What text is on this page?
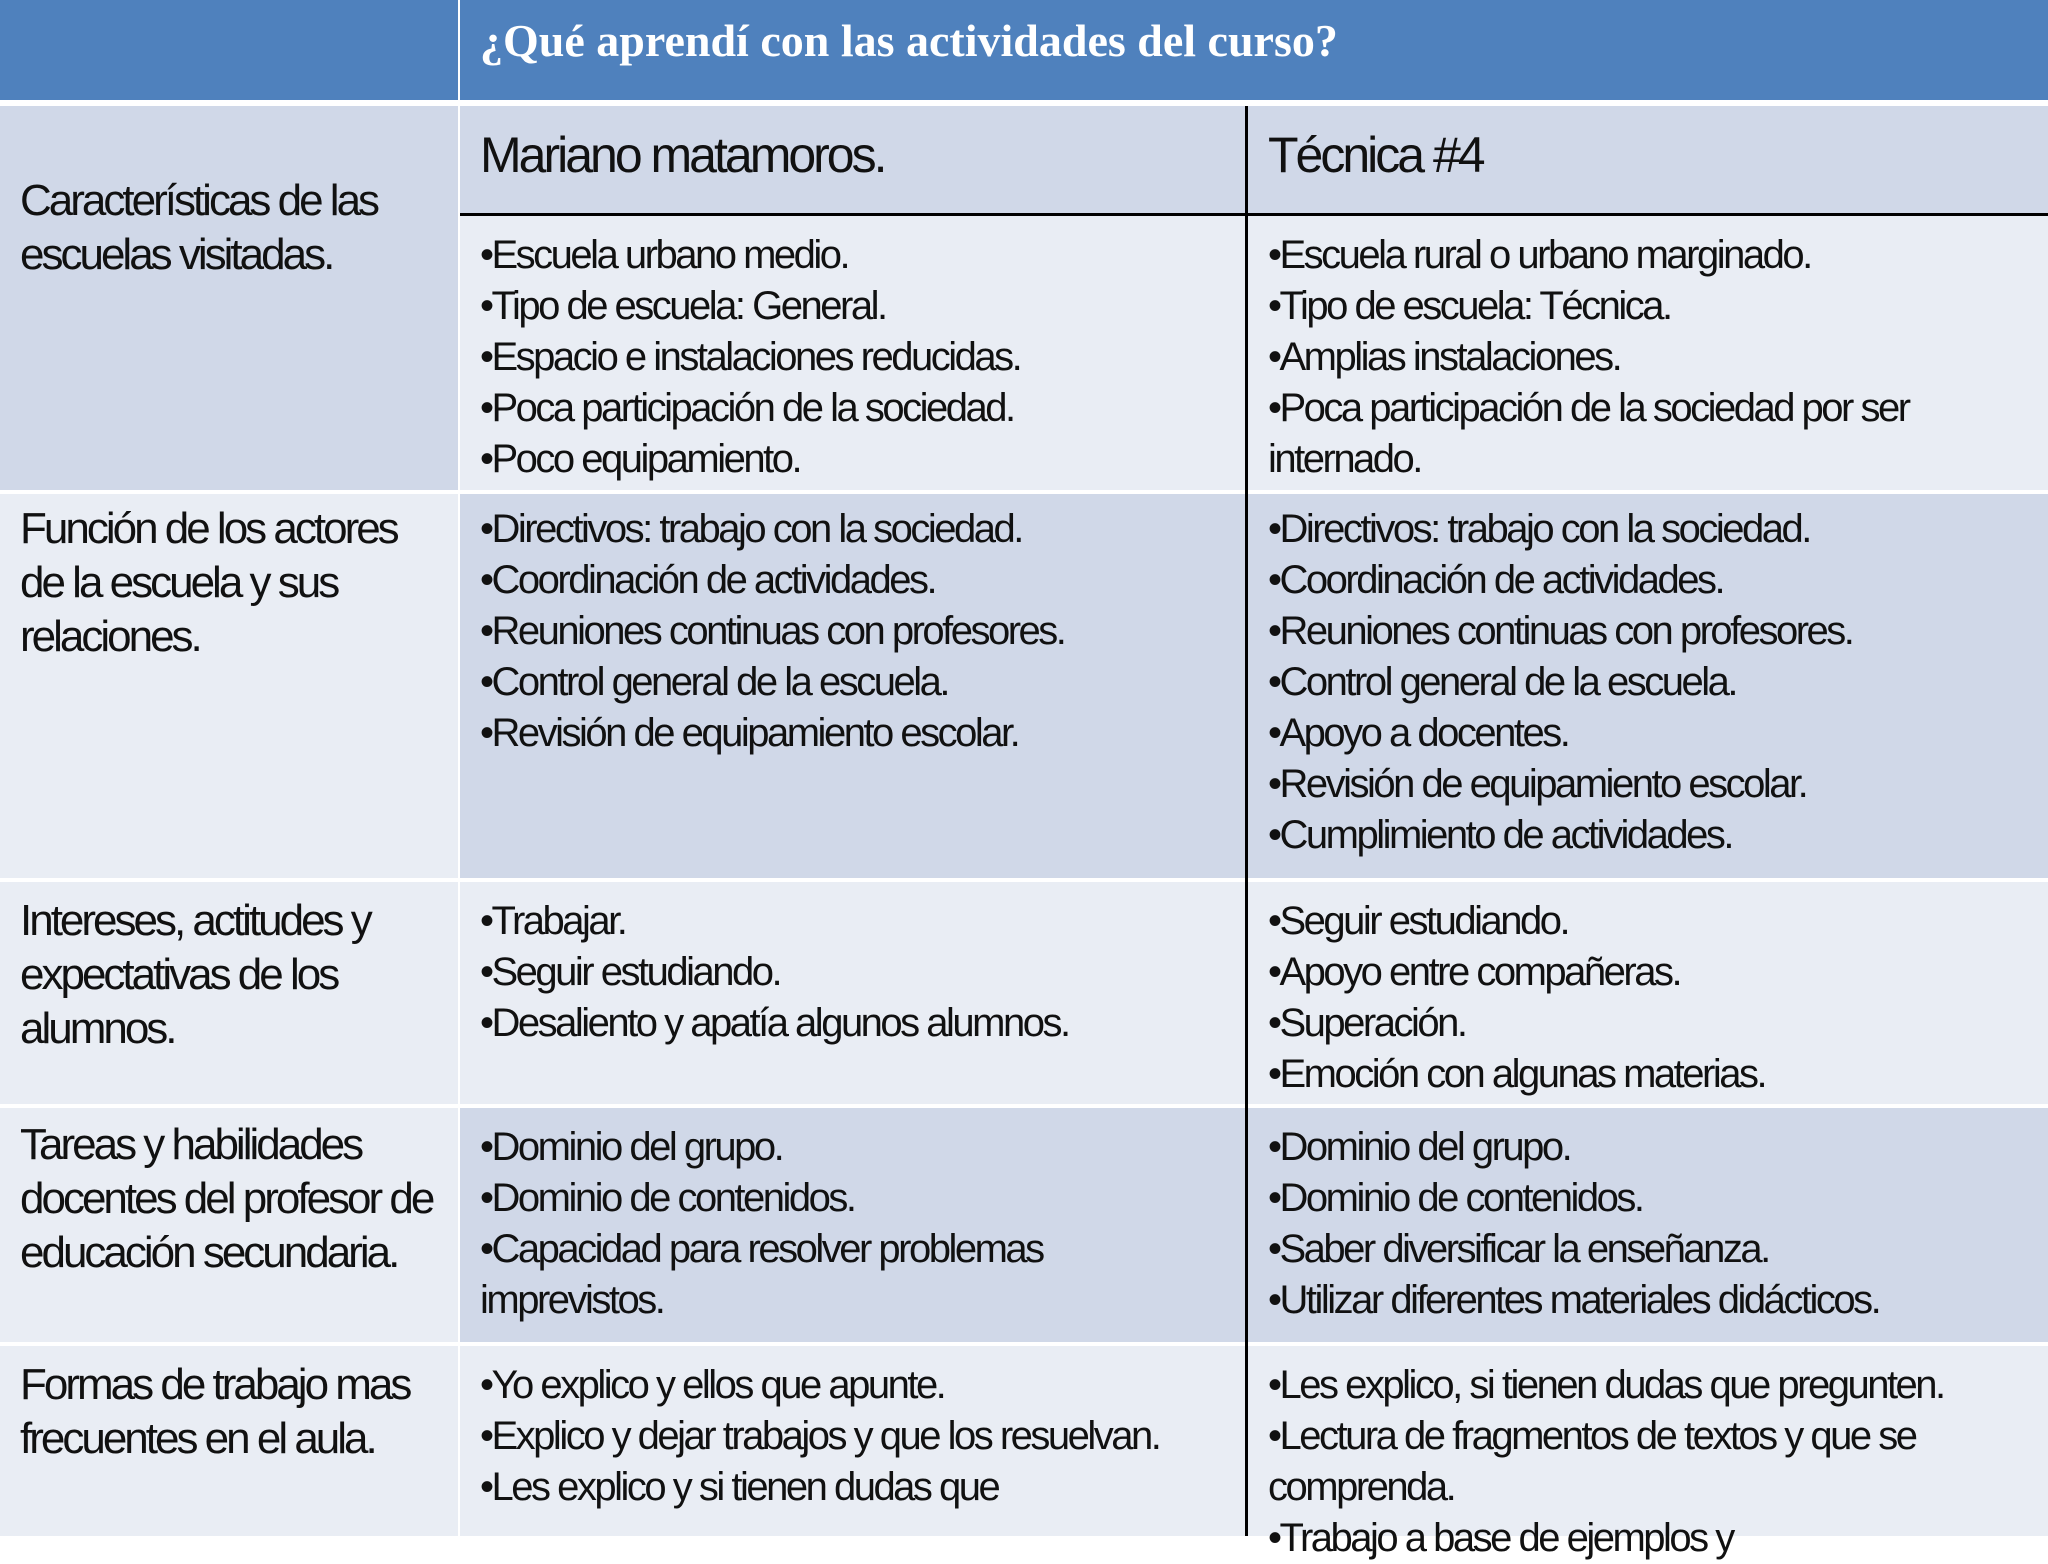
¿Qué aprendí con las actividades del curso?
Características de las escuelas visitadas.
Mariano matamoros.	Técnica #4
•Escuela urbano medio.
•Tipo de escuela: General.
•Espacio e instalaciones reducidas.
•Poca participación de la sociedad.
•Poco equipamiento.
•Escuela rural o urbano marginado.
•Tipo de escuela: Técnica.
•Amplias instalaciones.
•Poca participación de la sociedad por ser internado.
Función de los actores de la escuela y sus relaciones.
•Directivos: trabajo con la sociedad.
•Coordinación de actividades.
•Reuniones continuas con profesores.
•Control general de la escuela.
•Revisión de equipamiento escolar.
•Directivos: trabajo con la sociedad.
•Coordinación de actividades.
•Reuniones continuas con profesores.
•Control general de la escuela.
•Apoyo a docentes.
•Revisión de equipamiento escolar.
•Cumplimiento de actividades.
Intereses, actitudes y expectativas de los alumnos.
•Trabajar.
•Seguir estudiando.
•Desaliento y apatía algunos alumnos.
•Seguir estudiando.
•Apoyo entre compañeras.
•Superación.
•Emoción con algunas materias.
Tareas y habilidades docentes del profesor de educación secundaria.
•Dominio del grupo.
•Dominio de contenidos.
•Capacidad para resolver problemas imprevistos.
•Dominio del grupo.
•Dominio de contenidos.
•Saber diversificar la enseñanza.
•Utilizar diferentes materiales didácticos.
Formas de trabajo mas frecuentes en el aula.
•Yo explico y ellos que apunte.
•Explico y dejar trabajos y que los resuelvan.
•Les explico y si tienen dudas que
•Les explico, si tienen dudas que pregunten.
•Lectura de fragmentos de textos y que se comprenda.
•Trabajo a base de ejemplos y
